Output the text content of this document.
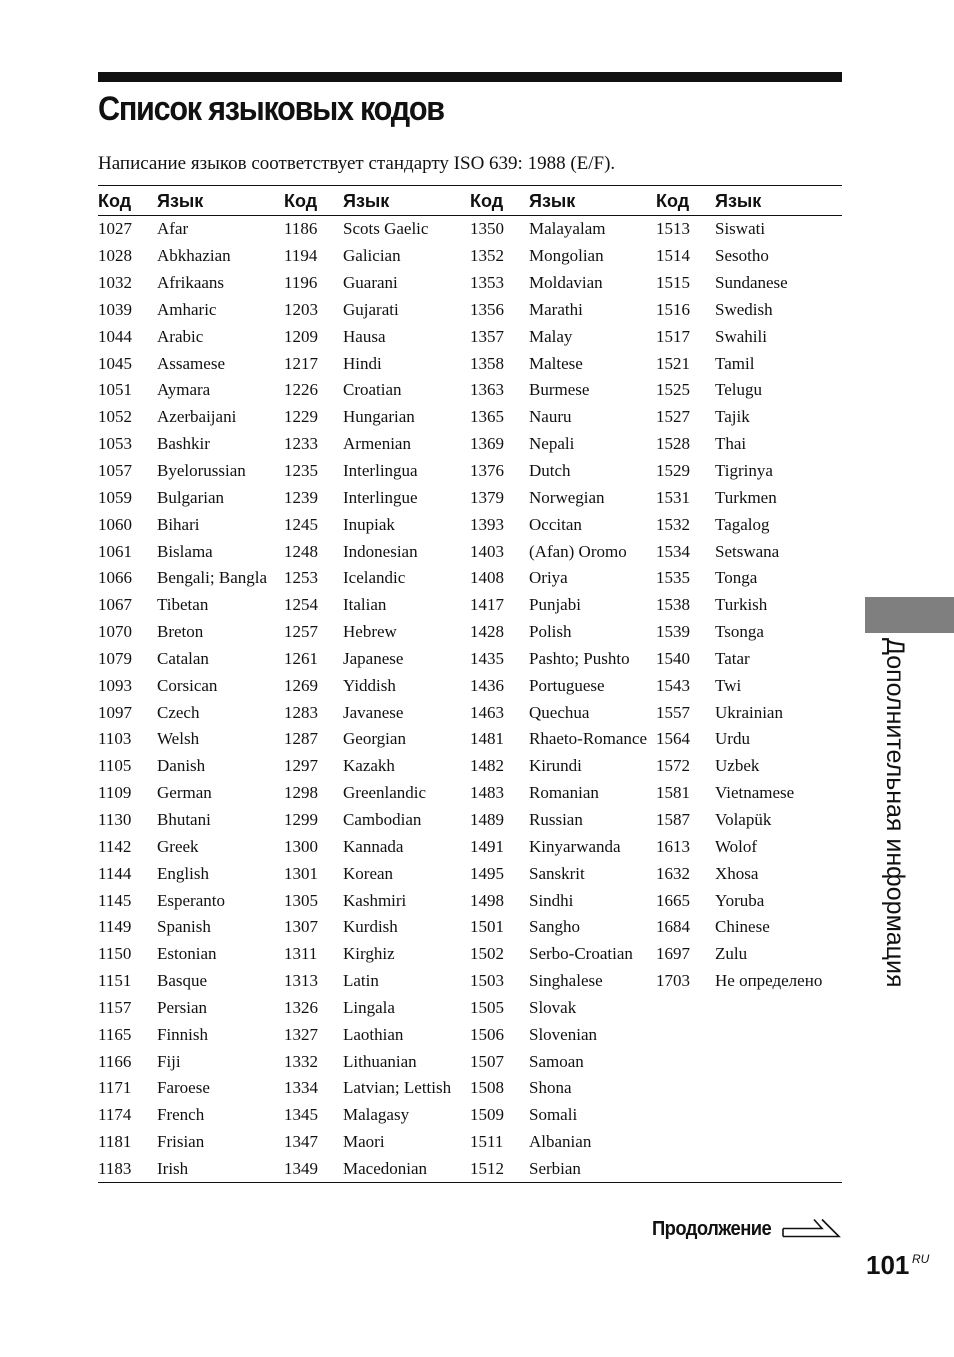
Список языковых кодов
Написание языков соответствует стандарту ISO 639: 1988 (E/F).
Код	Язык	Код	Язык	Код	Язык	Код	Язык
1027	Afar	1186	Scots Gaelic	1350	Malayalam	1513	Siswati
1028	Abkhazian	1194	Galician	1352	Mongolian	1514	Sesotho
1032	Afrikaans	1196	Guarani	1353	Moldavian	1515	Sundanese
1039	Amharic	1203	Gujarati	1356	Marathi	1516	Swedish
1044	Arabic	1209	Hausa	1357	Malay	1517	Swahili
1045	Assamese	1217	Hindi	1358	Maltese	1521	Tamil
1051	Aymara	1226	Croatian	1363	Burmese	1525	Telugu
1052	Azerbaijani	1229	Hungarian	1365	Nauru	1527	Tajik
1053	Bashkir	1233	Armenian	1369	Nepali	1528	Thai
1057	Byelorussian	1235	Interlingua	1376	Dutch	1529	Tigrinya
1059	Bulgarian	1239	Interlingue	1379	Norwegian	1531	Turkmen
1060	Bihari	1245	Inupiak	1393	Occitan	1532	Tagalog
1061	Bislama	1248	Indonesian	1403	(Afan) Oromo	1534	Setswana
1066	Bengali; Bangla	1253	Icelandic	1408	Oriya	1535	Tonga
1067	Tibetan	1254	Italian	1417	Punjabi	1538	Turkish
1070	Breton	1257	Hebrew	1428	Polish	1539	Tsonga
1079	Catalan	1261	Japanese	1435	Pashto; Pushto	1540	Tatar
1093	Corsican	1269	Yiddish	1436	Portuguese	1543	Twi
1097	Czech	1283	Javanese	1463	Quechua	1557	Ukrainian
1103	Welsh	1287	Georgian	1481	Rhaeto-Romance	1564	Urdu
1105	Danish	1297	Kazakh	1482	Kirundi	1572	Uzbek
1109	German	1298	Greenlandic	1483	Romanian	1581	Vietnamese
1130	Bhutani	1299	Cambodian	1489	Russian	1587	Volapük
1142	Greek	1300	Kannada	1491	Kinyarwanda	1613	Wolof
1144	English	1301	Korean	1495	Sanskrit	1632	Xhosa
1145	Esperanto	1305	Kashmiri	1498	Sindhi	1665	Yoruba
1149	Spanish	1307	Kurdish	1501	Sangho	1684	Chinese
1150	Estonian	1311	Kirghiz	1502	Serbo-Croatian	1697	Zulu
1151	Basque	1313	Latin	1503	Singhalese	1703	Не определено
1157	Persian	1326	Lingala	1505	Slovak		
1165	Finnish	1327	Laothian	1506	Slovenian		
1166	Fiji	1332	Lithuanian	1507	Samoan		
1171	Faroese	1334	Latvian; Lettish	1508	Shona		
1174	French	1345	Malagasy	1509	Somali		
1181	Frisian	1347	Maori	1511	Albanian		
1183	Irish	1349	Macedonian	1512	Serbian		
Дополнительная информация
Продолжение
101 RU
